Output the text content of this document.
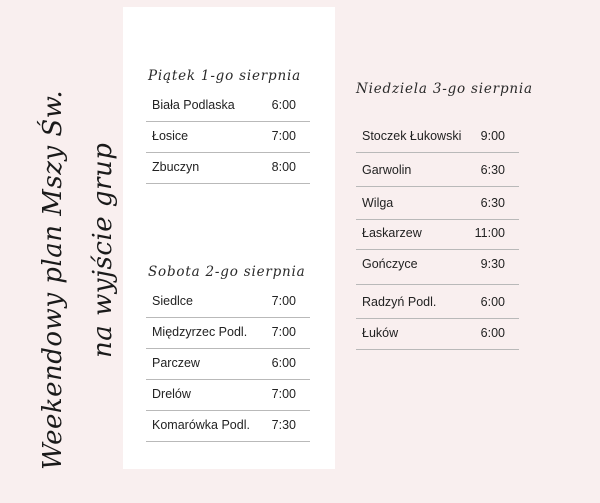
Weekendowy plan Mszy Św. na wyjście grup
Piątek 1-go sierpnia
Biała Podlaska	6:00
Łosice	7:00
Zbuczyn	8:00
Sobota 2-go sierpnia
Siedlce	7:00
Międzyrzec Podl. 7:00
Parczew	6:00
Drelów	7:00
Komarówka Podl. 7:30
Niedziela 3-go sierpnia
Stoczek Łukowski 9:00
Garwolin	6:30
Wilga	6:30
Łaskarzew	11:00
Gończyce	9:30
Radzyń Podl.	6:00
Łuków	6:00
